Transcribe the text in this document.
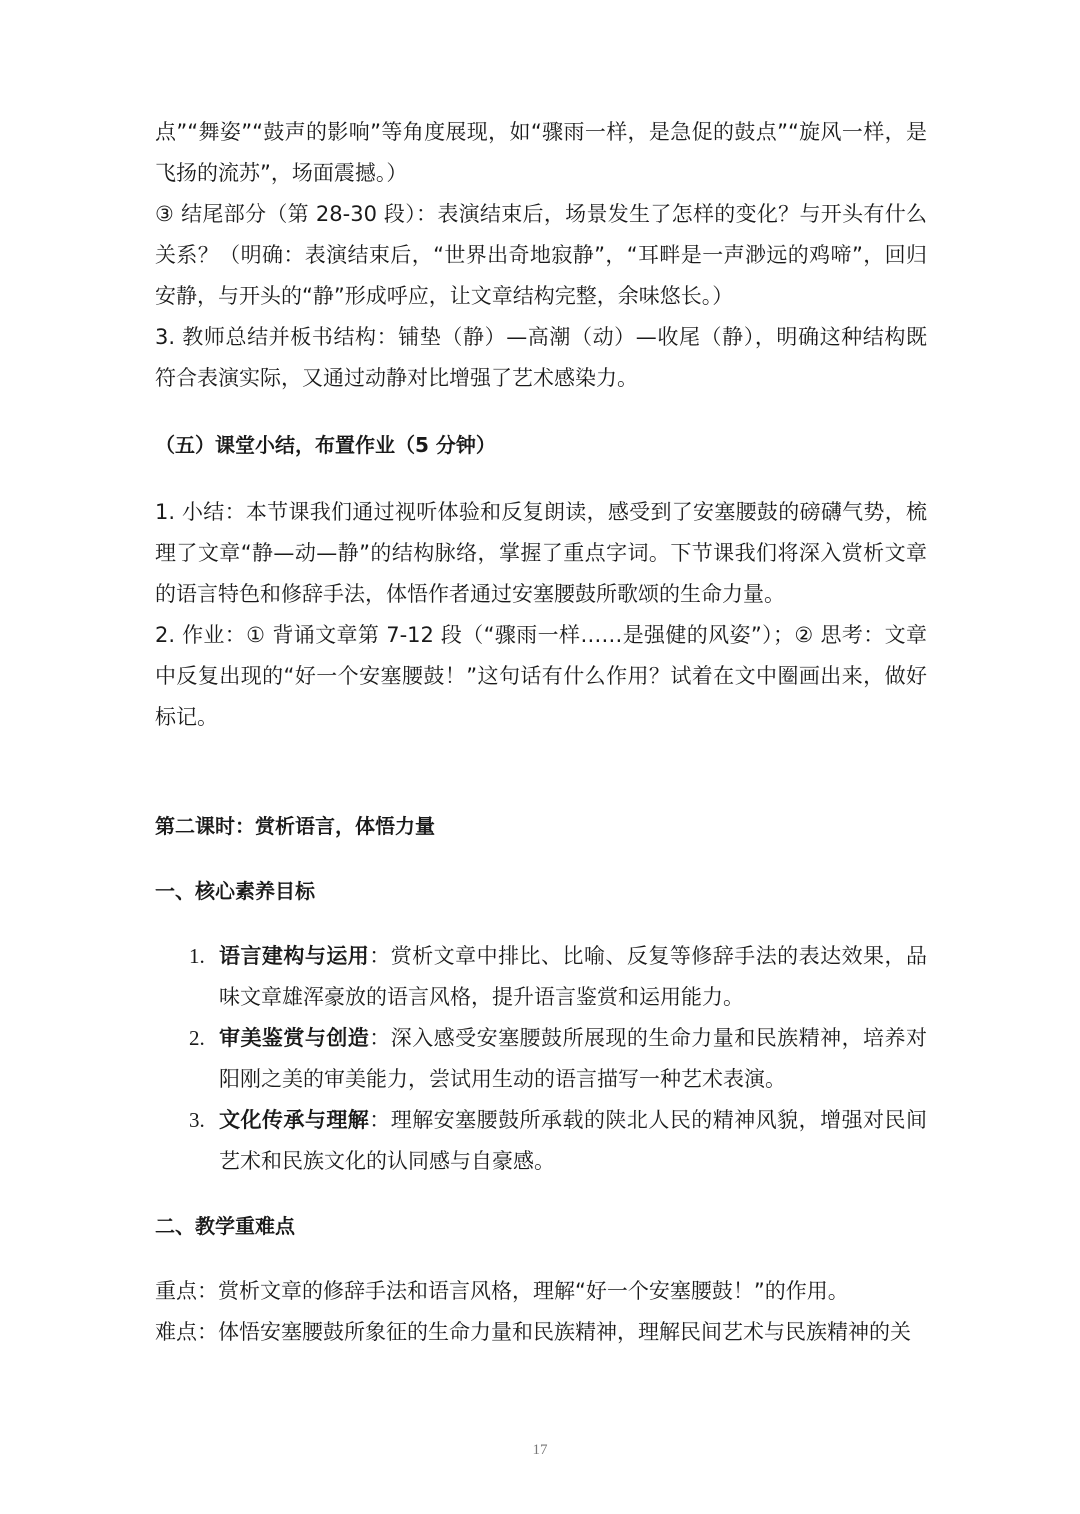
点”“舞姿”“鼓声的影响”等角度展现，如“骤雨一样，是急促的鼓点”“旋风一样，是飞扬的流苏”，场面震撼。）

③ 结尾部分（第 28-30 段）：表演结束后，场景发生了怎样的变化？与开头有什么关系？（明确：表演结束后，“世界出奇地寂静”，“耳畔是一声渺远的鸡啼”，回归安静，与开头的“静”形成呼应，让文章结构完整，余味悠长。）

3. 教师总结并板书结构：铺垫（静）—高潮（动）—收尾（静），明确这种结构既符合表演实际，又通过动静对比增强了艺术感染力。

（五）课堂小结，布置作业（5 分钟）

1. 小结：本节课我们通过视听体验和反复朗读，感受到了安塞腰鼓的磅礴气势，梳理了文章“静—动—静”的结构脉络，掌握了重点字词。下节课我们将深入赏析文章的语言特色和修辞手法，体悟作者通过安塞腰鼓所歌颂的生命力量。

2. 作业：① 背诵文章第 7-12 段（“骤雨一样……是强健的风姿”）；② 思考：文章中反复出现的“好一个安塞腰鼓！”这句话有什么作用？试着在文中圈画出来，做好标记。

第二课时：赏析语言，体悟力量

一、核心素养目标

1. 语言建构与运用：赏析文章中排比、比喻、反复等修辞手法的表达效果，品味文章雄浑豪放的语言风格，提升语言鉴赏和运用能力。
2. 审美鉴赏与创造：深入感受安塞腰鼓所展现的生命力量和民族精神，培养对阳刚之美的审美能力，尝试用生动的语言描写一种艺术表演。
3. 文化传承与理解：理解安塞腰鼓所承载的陕北人民的精神风貌，增强对民间艺术和民族文化的认同感与自豪感。

二、教学重难点

重点：赏析文章的修辞手法和语言风格，理解“好一个安塞腰鼓！”的作用。

难点：体悟安塞腰鼓所象征的生命力量和民族精神，理解民间艺术与民族精神的关

17
